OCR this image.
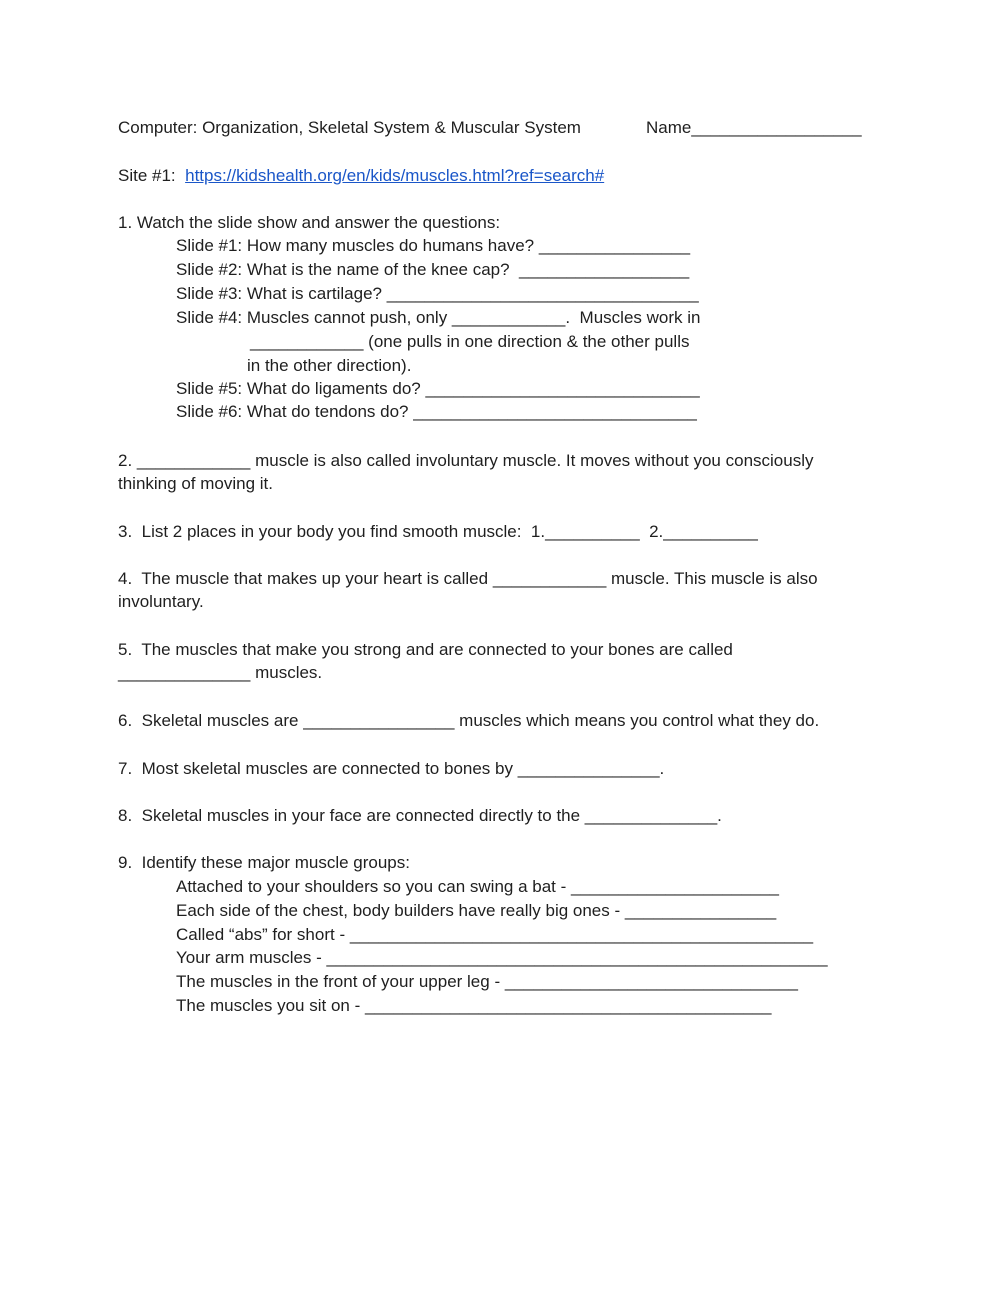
Computer: Organization, Skeletal System & Muscular System	Name__________________
Site #1: https://kidshealth.org/en/kids/muscles.html?ref=search#
1. Watch the slide show and answer the questions:
Slide #1: How many muscles do humans have? ________________
Slide #2: What is the name of the knee cap?  __________________
Slide #3: What is cartilage? _________________________________
Slide #4: Muscles cannot push, only ____________.  Muscles work in
____________ (one pulls in one direction & the other pulls
in the other direction).
Slide #5: What do ligaments do? _____________________________
Slide #6: What do tendons do? ______________________________
2. ____________ muscle is also called involuntary muscle. It moves without you consciously
thinking of moving it.
3.  List 2 places in your body you find smooth muscle:  1.__________  2.__________
4.  The muscle that makes up your heart is called ____________ muscle. This muscle is also
involuntary.
5.  The muscles that make you strong and are connected to your bones are called
______________ muscles.
6.  Skeletal muscles are ________________ muscles which means you control what they do.
7.  Most skeletal muscles are connected to bones by _______________.
8.  Skeletal muscles in your face are connected directly to the ______________.
9.  Identify these major muscle groups:
Attached to your shoulders so you can swing a bat - ______________________
Each side of the chest, body builders have really big ones - ________________
Called “abs” for short - _________________________________________________
Your arm muscles - _____________________________________________________
The muscles in the front of your upper leg - _______________________________
The muscles you sit on - ___________________________________________
